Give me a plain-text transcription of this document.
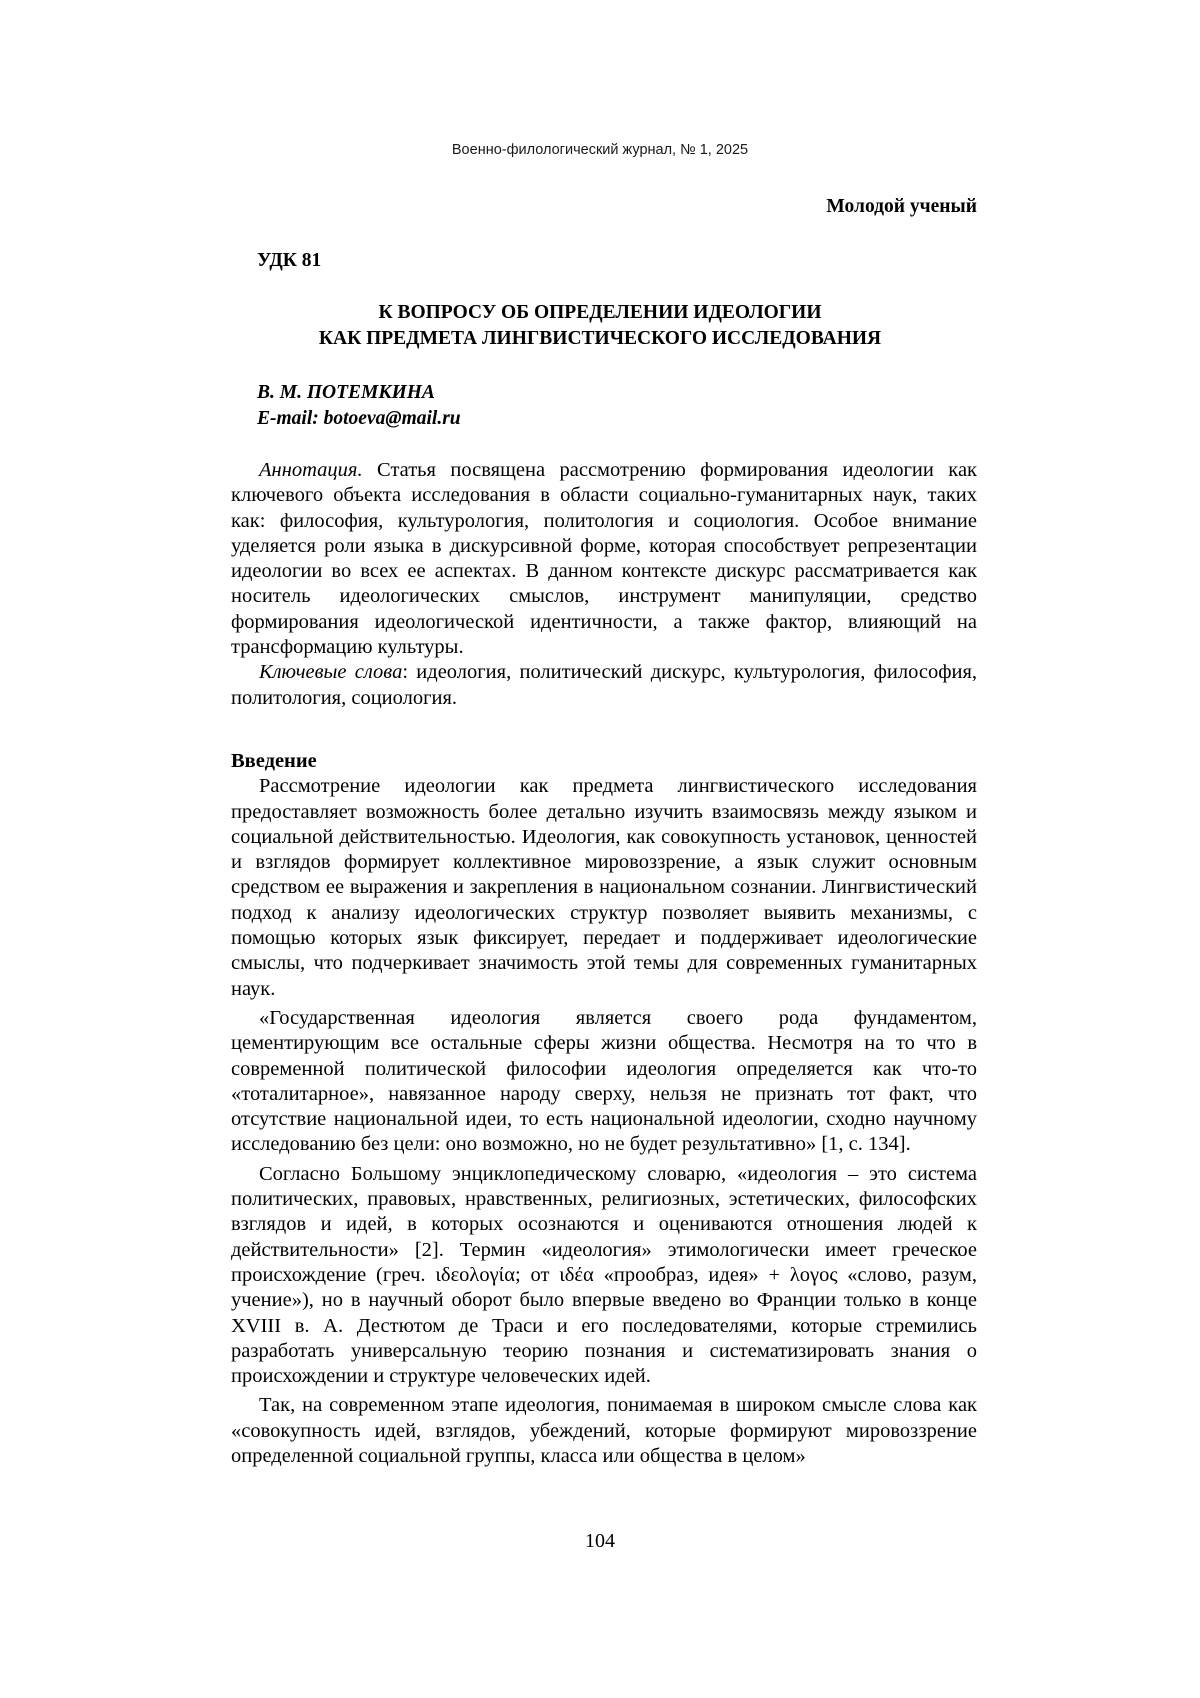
Военно-филологический журнал, № 1, 2025
Молодой ученый
УДК 81
К ВОПРОСУ ОБ ОПРЕДЕЛЕНИИ ИДЕОЛОГИИ
КАК ПРЕДМЕТА ЛИНГВИСТИЧЕСКОГО ИССЛЕДОВАНИЯ
В. М. ПОТЕМКИНА
E-mail: botoeva@mail.ru

Аннотация. Статья посвящена рассмотрению формирования идеологии как ключевого объекта исследования в области социально-гуманитарных наук, таких как: философия, культурология, политология и социология. Особое внимание уделяется роли языка в дискурсивной форме, которая способствует репрезентации идеологии во всех ее аспектах. В данном контексте дискурс рассматривается как носитель идеологических смыслов, инструмент манипуляции, средство формирования идеологической идентичности, а также фактор, влияющий на трансформацию культуры.

Ключевые слова: идеология, политический дискурс, культурология, философия, политология, социология.

Введение

Рассмотрение идеологии как предмета лингвистического исследования предоставляет возможность более детально изучить взаимосвязь между языком и социальной действительностью. Идеология, как совокупность установок, ценностей и взглядов формирует коллективное мировоззрение, а язык служит основным средством ее выражения и закрепления в национальном сознании. Лингвистический подход к анализу идеологических структур позволяет выявить механизмы, с помощью которых язык фиксирует, передает и поддерживает идеологические смыслы, что подчеркивает значимость этой темы для современных гуманитарных наук.

«Государственная идеология является своего рода фундаментом, цементирующим все остальные сферы жизни общества. Несмотря на то что в современной политической философии идеология определяется как что-то «тоталитарное», навязанное народу сверху, нельзя не признать тот факт, что отсутствие национальной идеи, то есть национальной идеологии, сходно научному исследованию без цели: оно возможно, но не будет результативно» [1, с. 134].

Согласно Большому энциклопедическому словарю, «идеология – это система политических, правовых, нравственных, религиозных, эстетических, философских взглядов и идей, в которых осознаются и оцениваются отношения людей к действительности» [2]. Термин «идеология» этимологически имеет греческое происхождение (греч. ιδεολογία; от ιδέα «прообраз, идея» + λογος «слово, разум, учение»), но в научный оборот было впервые введено во Франции только в конце XVIII в. А. Дестютом де Траси и его последователями, которые стремились разработать универсальную теорию познания и систематизировать знания о происхождении и структуре человеческих идей.

Так, на современном этапе идеология, понимаемая в широком смысле слова как «совокупность идей, взглядов, убеждений, которые формируют мировоззрение определенной социальной группы, класса или общества в целом»

104
